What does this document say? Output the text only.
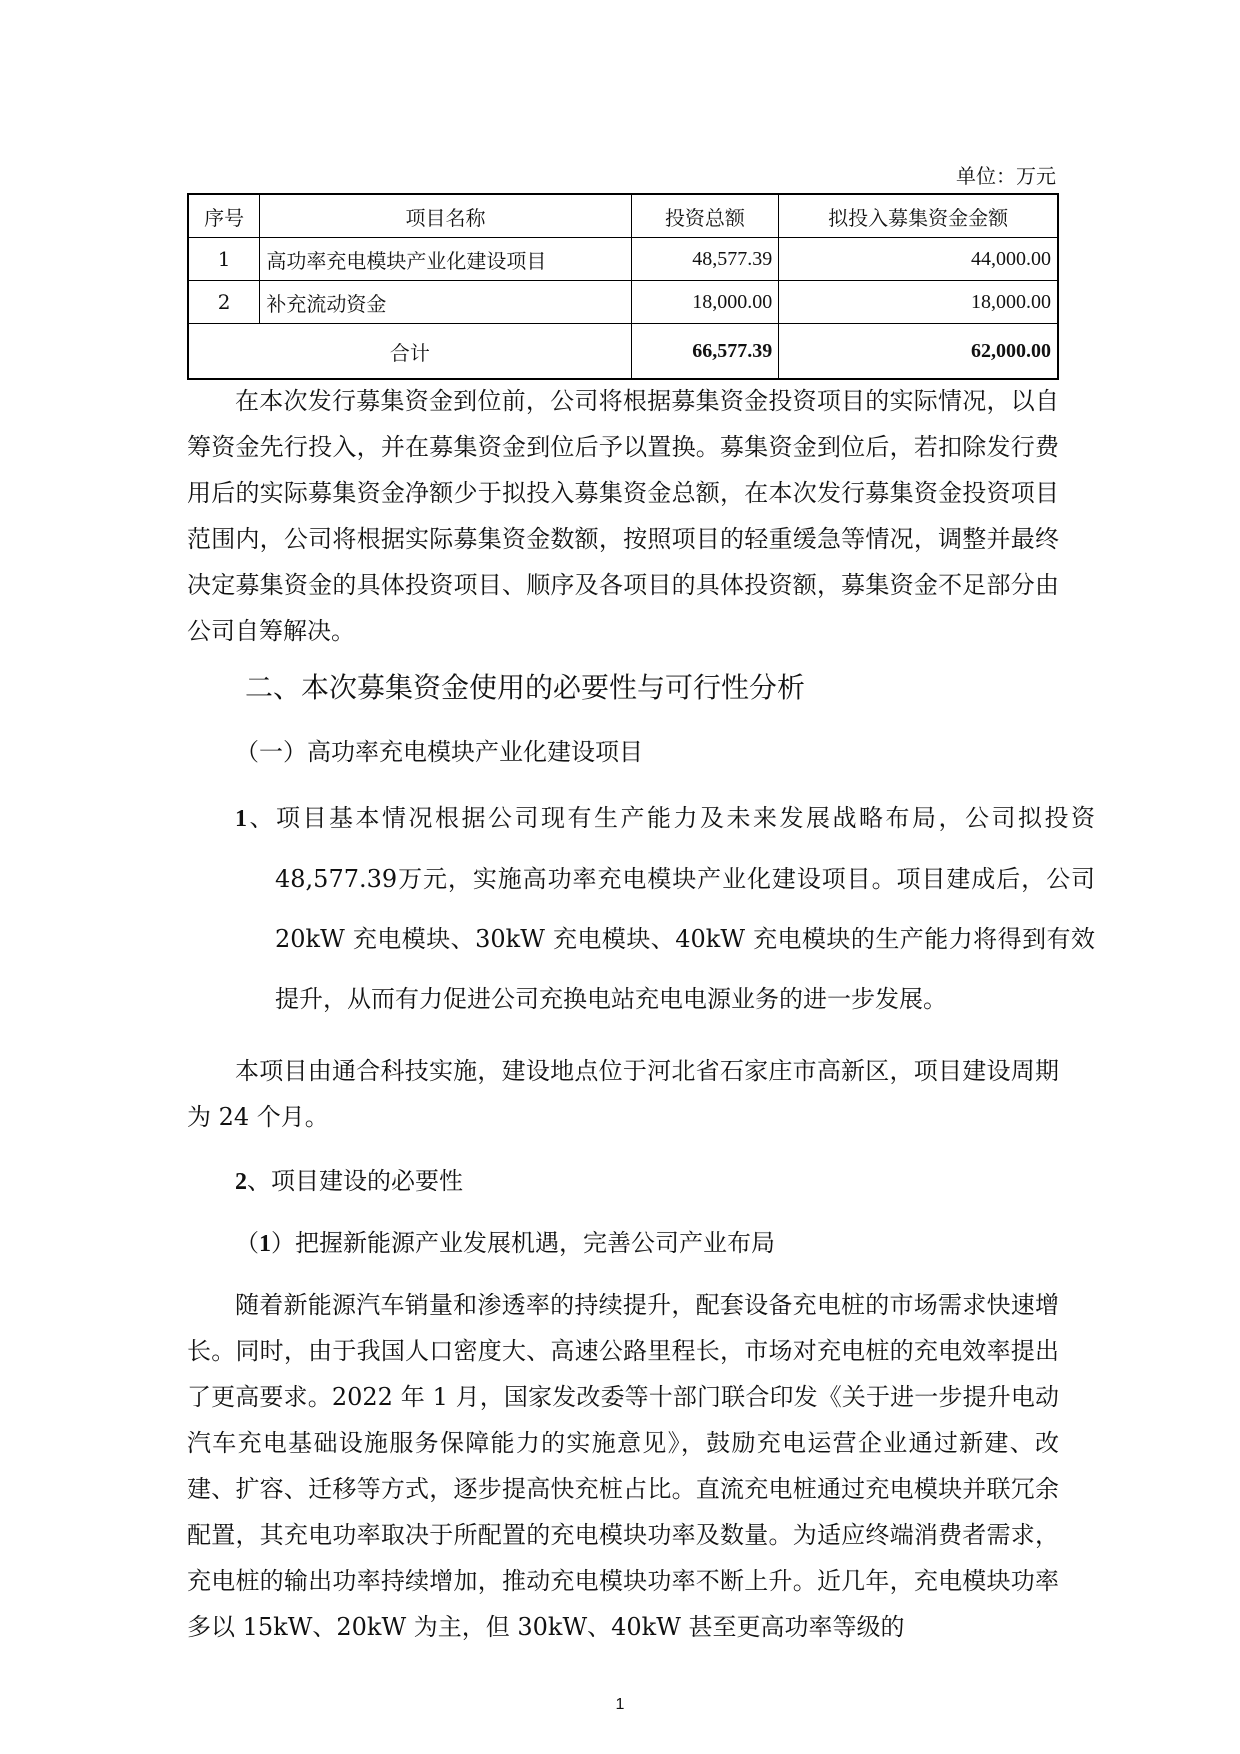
单位：万元
序号	项目名称	投资总额	拟投入募集资金金额
1	高功率充电模块产业化建设项目	48,577.39	44,000.00
2	补充流动资金	18,000.00	18,000.00
合计		66,577.39	62,000.00

在本次发行募集资金到位前，公司将根据募集资金投资项目的实际情况，以自筹资金先行投入，并在募集资金到位后予以置换。募集资金到位后，若扣除发行费用后的实际募集资金净额少于拟投入募集资金总额，在本次发行募集资金投资项目范围内，公司将根据实际募集资金数额，按照项目的轻重缓急等情况，调整并最终决定募集资金的具体投资项目、顺序及各项目的具体投资额，募集资金不足部分由公司自筹解决。

二、本次募集资金使用的必要性与可行性分析
（一）高功率充电模块产业化建设项目

1、项目基本情况根据公司现有生产能力及未来发展战略布局，公司拟投资48,577.39万元，实施高功率充电模块产业化建设项目。项目建成后，公司 20kW 充电模块、30kW 充电模块、40kW 充电模块的生产能力将得到有效提升，从而有力促进公司充换电站充电电源业务的进一步发展。

本项目由通合科技实施，建设地点位于河北省石家庄市高新区，项目建设周期为 24 个月。

2、项目建设的必要性

（1）把握新能源产业发展机遇，完善公司产业布局

随着新能源汽车销量和渗透率的持续提升，配套设备充电桩的市场需求快速增长。同时，由于我国人口密度大、高速公路里程长，市场对充电桩的充电效率提出了更高要求。2022 年 1 月，国家发改委等十部门联合印发《关于进一步提升电动汽车充电基础设施服务保障能力的实施意见》，鼓励充电运营企业通过新建、改建、扩容、迁移等方式，逐步提高快充桩占比。直流充电桩通过充电模块并联冗余配置，其充电功率取决于所配置的充电模块功率及数量。为适应终端消费者需求，充电桩的输出功率持续增加，推动充电模块功率不断上升。近几年，充电模块功率多以 15kW、20kW 为主，但 30kW、40kW 甚至更高功率等级的

1
